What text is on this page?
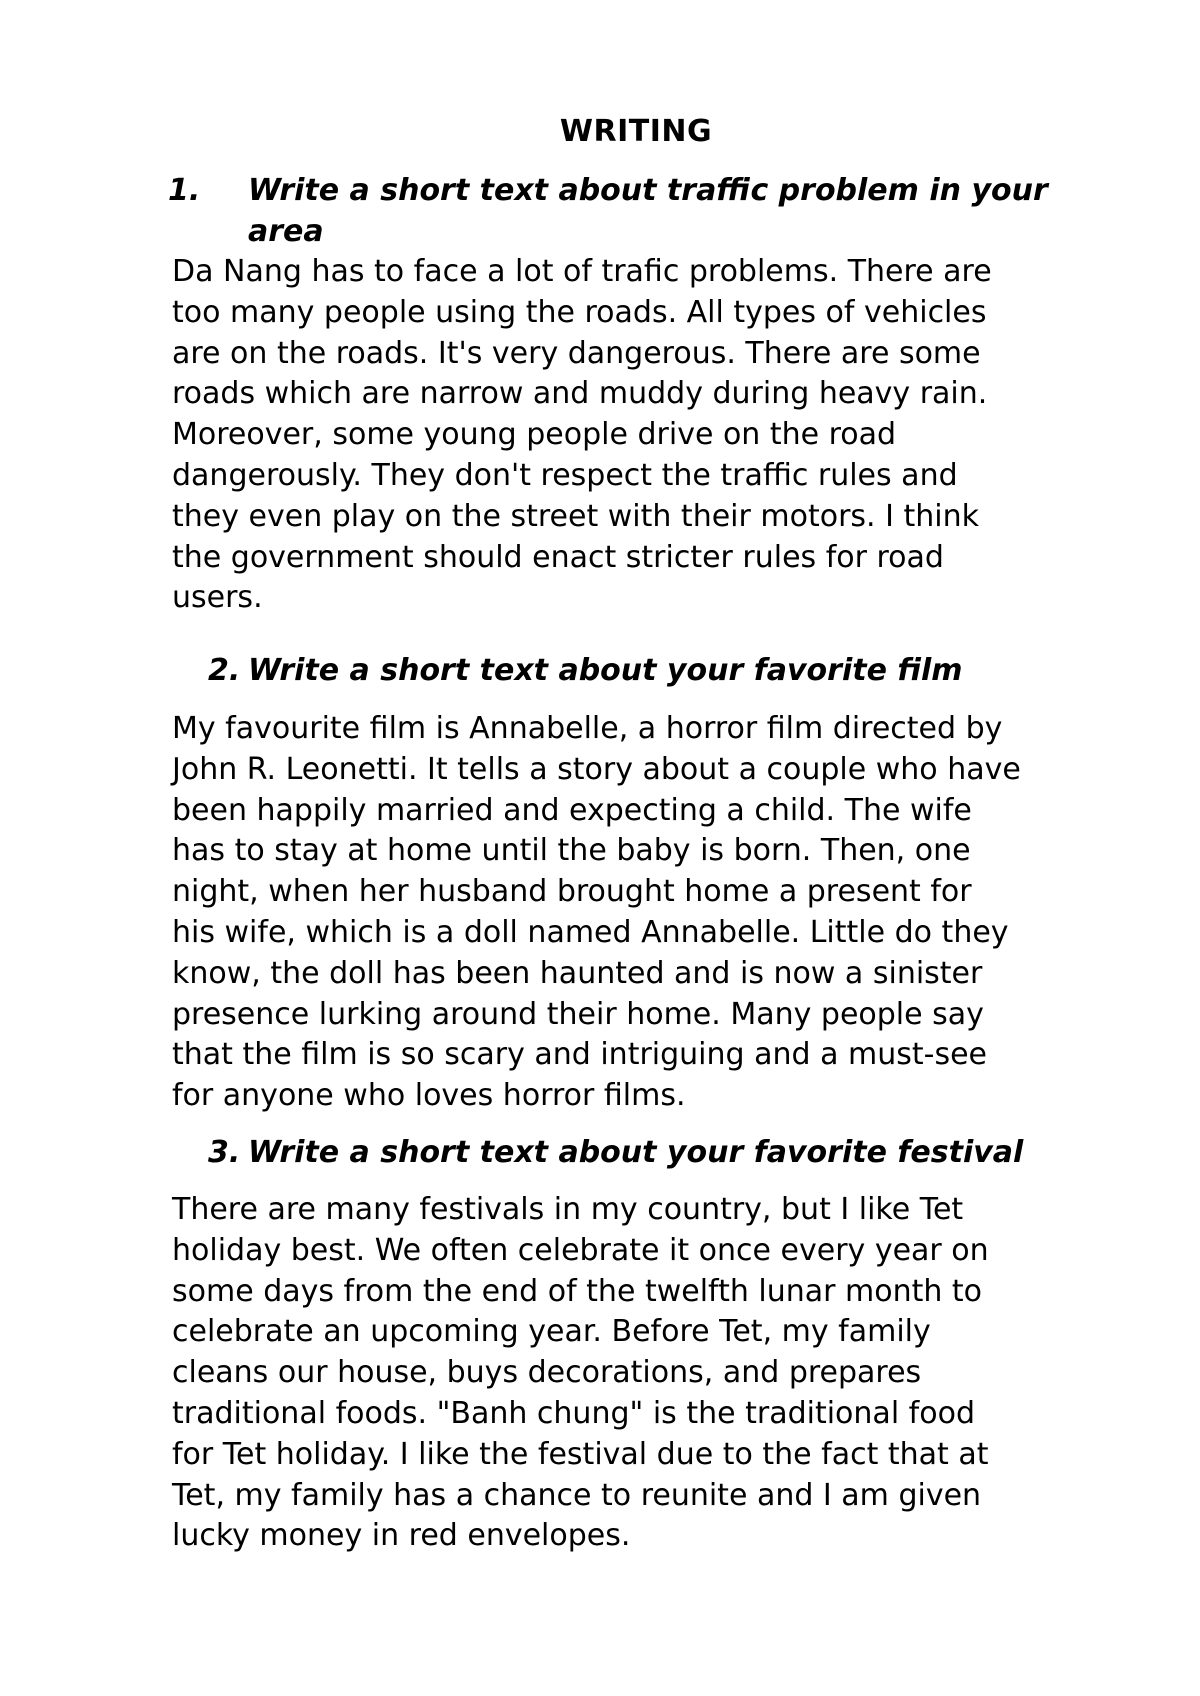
WRITING
1. Write a short text about traffic problem in your area
Da Nang has to face a lot of trafic problems. There are
too many people using the roads. All types of vehicles
are on the roads. It's very dangerous. There are some
roads which are narrow and muddy during heavy rain.
Moreover, some young people drive on the road
dangerously. They don't respect the traffic rules and
they even play on the street with their motors. I think
the government should enact stricter rules for road
users.
2. Write a short text about your favorite film
My favourite film is Annabelle, a horror film directed by
John R. Leonetti. It tells a story about a couple who have
been happily married and expecting a child. The wife
has to stay at home until the baby is born. Then, one
night, when her husband brought home a present for
his wife, which is a doll named Annabelle. Little do they
know, the doll has been haunted and is now a sinister
presence lurking around their home. Many people say
that the film is so scary and intriguing and a must-see
for anyone who loves horror films.
3. Write a short text about your favorite festival
There are many festivals in my country, but I like Tet
holiday best. We often celebrate it once every year on
some days from the end of the twelfth lunar month to
celebrate an upcoming year. Before Tet, my family
cleans our house, buys decorations, and prepares
traditional foods. "Banh chung" is the traditional food
for Tet holiday. I like the festival due to the fact that at
Tet, my family has a chance to reunite and I am given
lucky money in red envelopes.
